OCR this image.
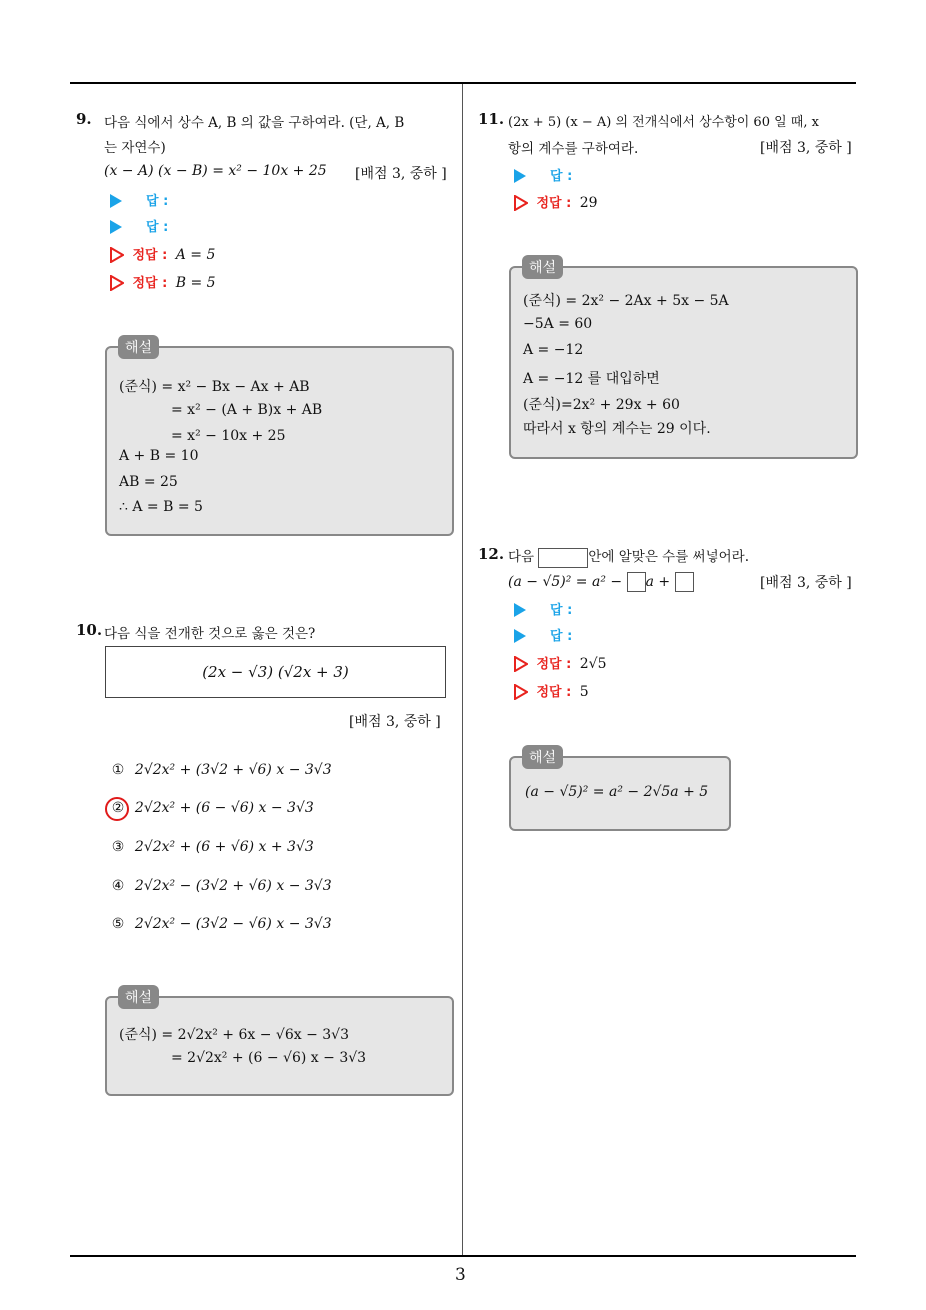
3
9. 다음 식에서 상수 A, B 의 값을 구하여라. (단, A, B
는 자연수)
(x − A) (x − B) = x² − 10x + 25 [배점 3, 중하 ]
답 :
답 :
정답 : A = 5
정답 : B = 5
(준식) = x² − Bx − Ax + AB
= x² − (A + B)x + AB
= x² − 10x + 25
A + B = 10
AB = 25
∴ A = B = 5
해설
10. 다음 식을 전개한 것으로 옳은 것은?
(2x − √3) (√2x + 3)
[배점 3, 중하 ]
① 2√2x² + (3√2 + √6) x − 3√3
② 2√2x² + (6 − √6) x − 3√3
③ 2√2x² + (6 + √6) x + 3√3
④ 2√2x² − (3√2 + √6) x − 3√3
⑤ 2√2x² − (3√2 − √6) x − 3√3
(준식) = 2√2x² + 6x − √6x − 3√3
= 2√2x² + (6 − √6) x − 3√3
해설
11. (2x + 5) (x − A) 의 전개식에서 상수항이 60 일 때, x
항의 계수를 구하여라.	[배점 3, 중하 ]
답 :
정답 : 29
(준식) = 2x² − 2Ax + 5x − 5A
−5A = 60
A = −12
A = −12 를 대입하면
(준식)=2x² + 29x + 60
따라서 x 항의 계수는 29 이다.
해설
12. 다음	안에 알맞은 수를 써넣어라.
(a − √5)² = a² − a +	[배점 3, 중하 ]
답 :
답 :
정답 : 2√5
정답 : 5
(a − √5)² = a² − 2√5a + 5
해설
